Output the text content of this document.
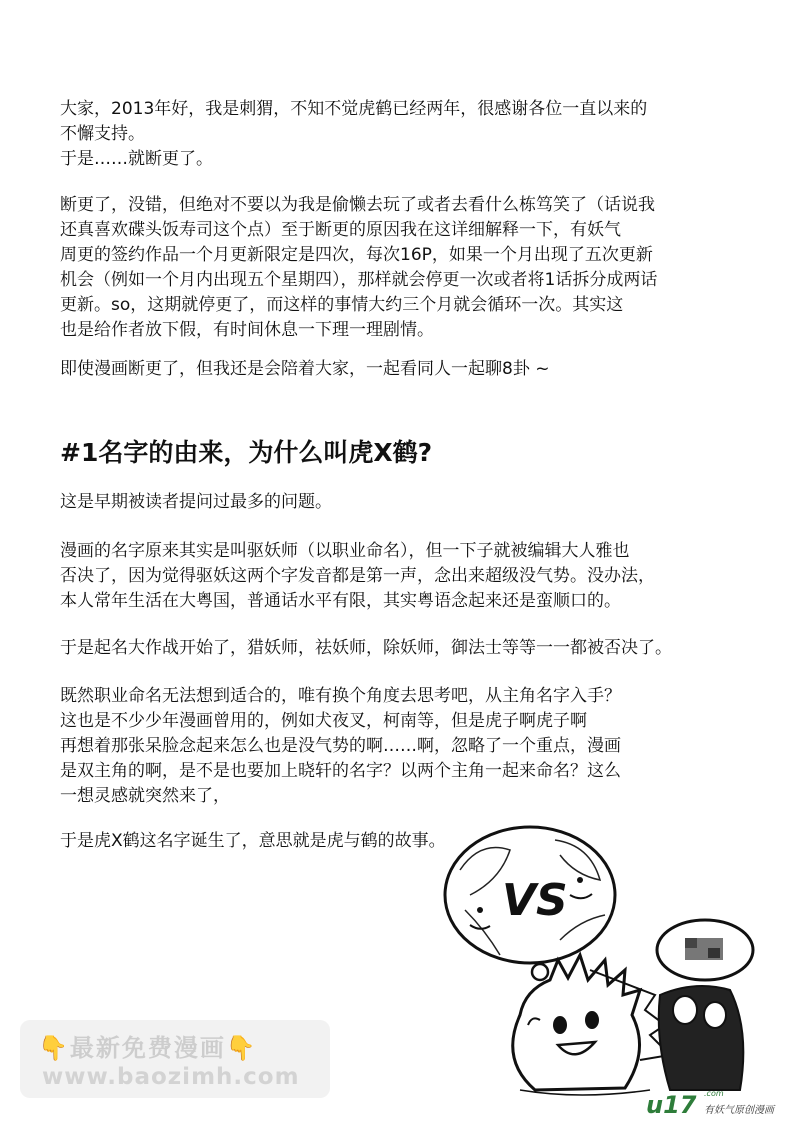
大家，2013年好，我是刺猬，不知不觉虎鹤已经两年，很感谢各位一直以来的
不懈支持。
于是……就断更了。
断更了，没错，但绝对不要以为我是偷懒去玩了或者去看什么栋笃笑了（话说我
还真喜欢碟头饭寿司这个点）至于断更的原因我在这详细解释一下，有妖气
周更的签约作品一个月更新限定是四次，每次16P，如果一个月出现了五次更新
机会（例如一个月内出现五个星期四），那样就会停更一次或者将1话拆分成两话
更新。so，这期就停更了，而这样的事情大约三个月就会循环一次。其实这
也是给作者放下假，有时间休息一下理一理剧情。
即使漫画断更了，但我还是会陪着大家，一起看同人一起聊8卦 ~
#1名字的由来，为什么叫虎X鹤?
这是早期被读者提问过最多的问题。
漫画的名字原来其实是叫驱妖师（以职业命名），但一下子就被编辑大人雅也
否决了，因为觉得驱妖这两个字发音都是第一声，念出来超级没气势。没办法，
本人常年生活在大粤国，普通话水平有限，其实粤语念起来还是蛮顺口的。
于是起名大作战开始了，猎妖师，祛妖师，除妖师，御法士等等一一都被否决了。
既然职业命名无法想到适合的，唯有换个角度去思考吧，从主角名字入手？
这也是不少少年漫画曾用的，例如犬夜叉，柯南等，但是虎子啊虎子啊
再想着那张呆脸念起来怎么也是没气势的啊……啊，忽略了一个重点，漫画
是双主角的啊，是不是也要加上晓轩的名字？以两个主角一起来命名？这么
一想灵感就突然来了，
于是虎X鹤这名字诞生了，意思就是虎与鹤的故事。
VS
👇最新免费漫画👇
www.baozimh.com
u17 .com
有妖气原创漫画
